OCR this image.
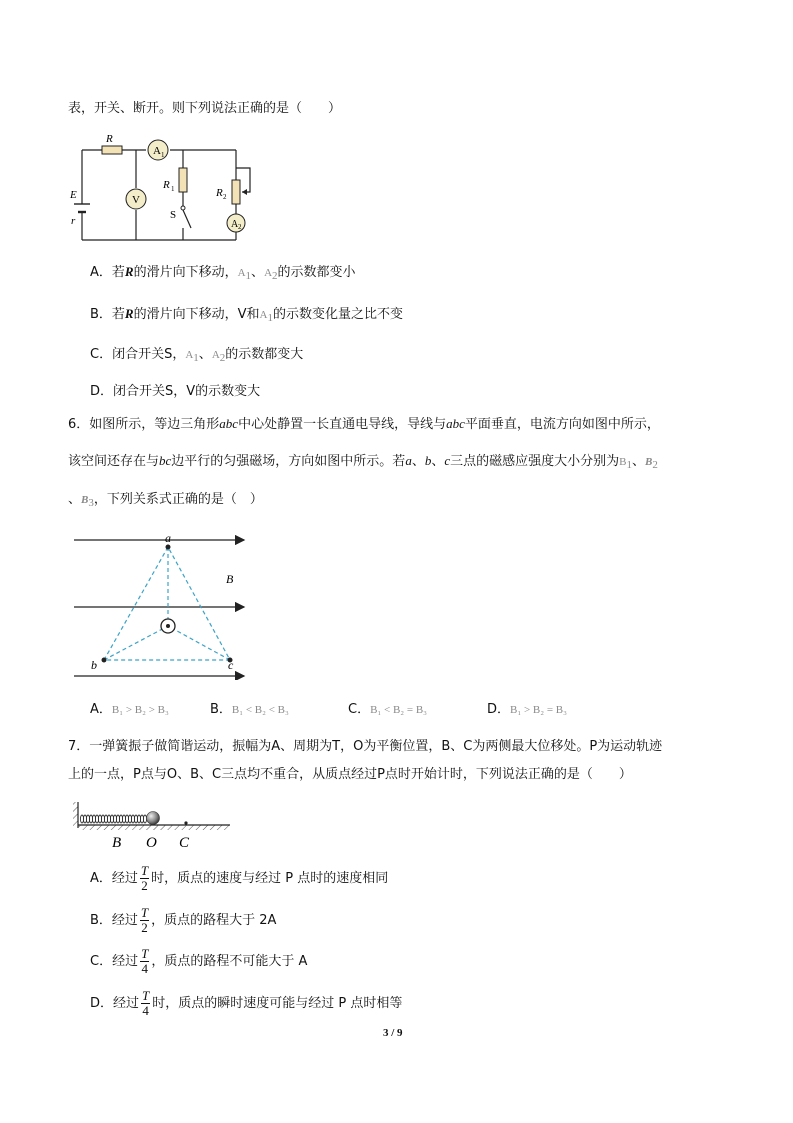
表，开关、断开。则下列说法正确的是（　　）
A 1
V
A 2
R
R 1
S
R 2
E
r
A．若R的滑片向下移动，$A_1$、$A_2$的示数都变小
B．若R的滑片向下移动，V和$A_1$的示数变化量之比不变
C．闭合开关S，$A_1$、$A_2$的示数都变大
D．闭合开关S，V的示数变大
6．如图所示，等边三角形abc中心处静置一长直通电导线，导线与abc平面垂直，电流方向如图中所示，
该空间还存在与bc边平行的匀强磁场，方向如图中所示。若a、b、c三点的磁感应强度大小分别为$B_1$、$B_2$
、$B_3$，下列关系式正确的是（　）
a
b	c
B
A．B₁ > B₂ > B₃	B．B₁ < B₂ < B₃	C．B₁ < B₂ = B₃	D．B₁ > B₂ = B₃
7．一弹簧振子做简谐运动，振幅为A、周期为T，O为平衡位置，B、C为两侧最大位移处。P为运动轨迹
上的一点，P点与O、B、C三点均不重合，从质点经过P点时开始计时，下列说法正确的是（　　）
B O C
A．经过 $\frac{T}{2}$ 时，质点的速度与经过 P 点时的速度相同
B．经过 $\frac{T}{2}$ ，质点的路程大于 2A
C．经过 $\frac{T}{4}$ ，质点的路程不可能大于 A
D．经过 $\frac{T}{4}$ 时，质点的瞬时速度可能与经过 P 点时相等
3 / 9
